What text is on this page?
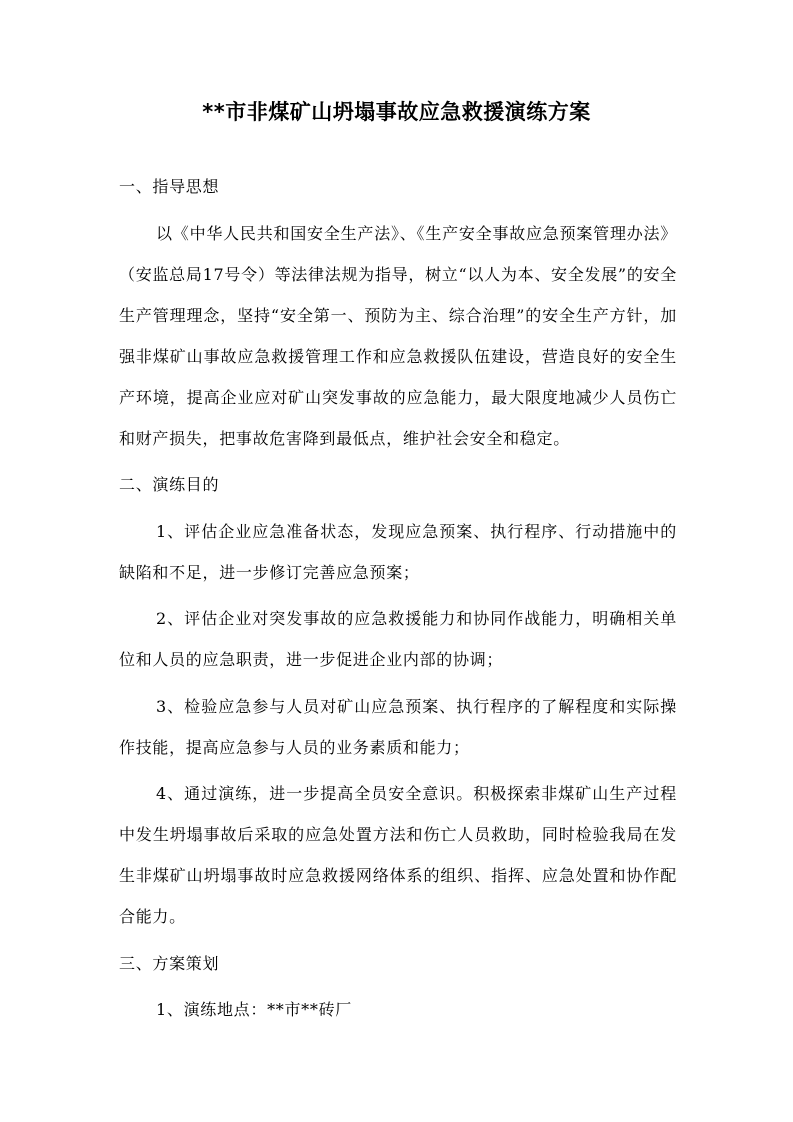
**市非煤矿山坍塌事故应急救援演练方案

一、指导思想

以《中华人民共和国安全生产法》、《生产安全事故应急预案管理办法》（安监总局17号令）等法律法规为指导，树立“以人为本、安全发展”的安全生产管理理念，坚持“安全第一、预防为主、综合治理”的安全生产方针，加强非煤矿山事故应急救援管理工作和应急救援队伍建设，营造良好的安全生产环境，提高企业应对矿山突发事故的应急能力，最大限度地减少人员伤亡和财产损失，把事故危害降到最低点，维护社会安全和稳定。

二、演练目的

1、评估企业应急准备状态，发现应急预案、执行程序、行动措施中的缺陷和不足，进一步修订完善应急预案；

2、评估企业对突发事故的应急救援能力和协同作战能力，明确相关单位和人员的应急职责，进一步促进企业内部的协调；

3、检验应急参与人员对矿山应急预案、执行程序的了解程度和实际操作技能，提高应急参与人员的业务素质和能力；

4、通过演练，进一步提高全员安全意识。积极探索非煤矿山生产过程中发生坍塌事故后采取的应急处置方法和伤亡人员救助，同时检验我局在发生非煤矿山坍塌事故时应急救援网络体系的组织、指挥、应急处置和协作配合能力。

三、方案策划

1、演练地点：**市**砖厂
